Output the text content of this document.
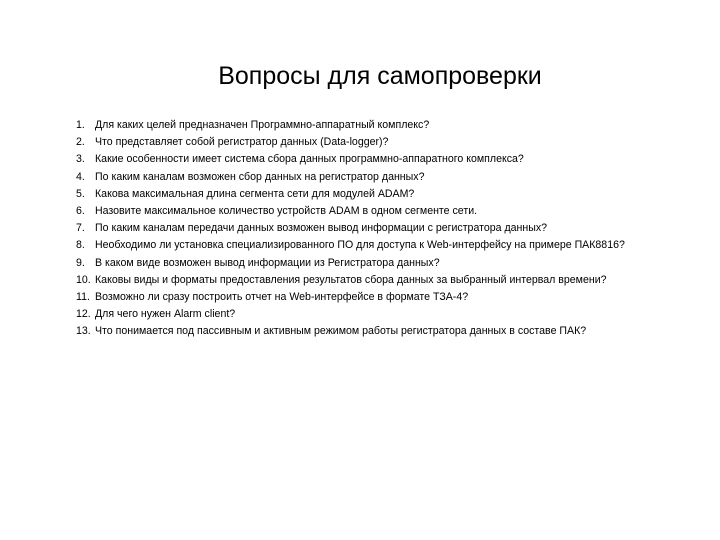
Вопросы для самопроверки
1. Для каких целей предназначен Программно-аппаратный комплекс?
2. Что представляет собой регистратор данных (Data-logger)?
3. Какие особенности имеет система сбора данных программно-аппаратного комплекса?
4. По каким каналам возможен сбор данных на регистратор данных?
5. Какова максимальная длина сегмента сети для модулей ADAM?
6. Назовите максимальное количество устройств ADAM в одном сегменте сети.
7. По каким каналам передачи данных возможен вывод информации с регистратора данных?
8. Необходимо ли установка специализированного ПО для доступа к Web-интерфейсу на примере ПАК8816?
9. В каком виде возможен вывод информации из Регистратора данных?
10. Каковы виды и форматы предоставления результатов сбора данных за выбранный интервал времени?
11. Возможно ли сразу построить отчет на Web-интерфейсе в формате ТЗА-4?
12. Для чего нужен Alarm client?
13. Что понимается под пассивным и активным режимом работы регистратора данных в составе ПАК?
